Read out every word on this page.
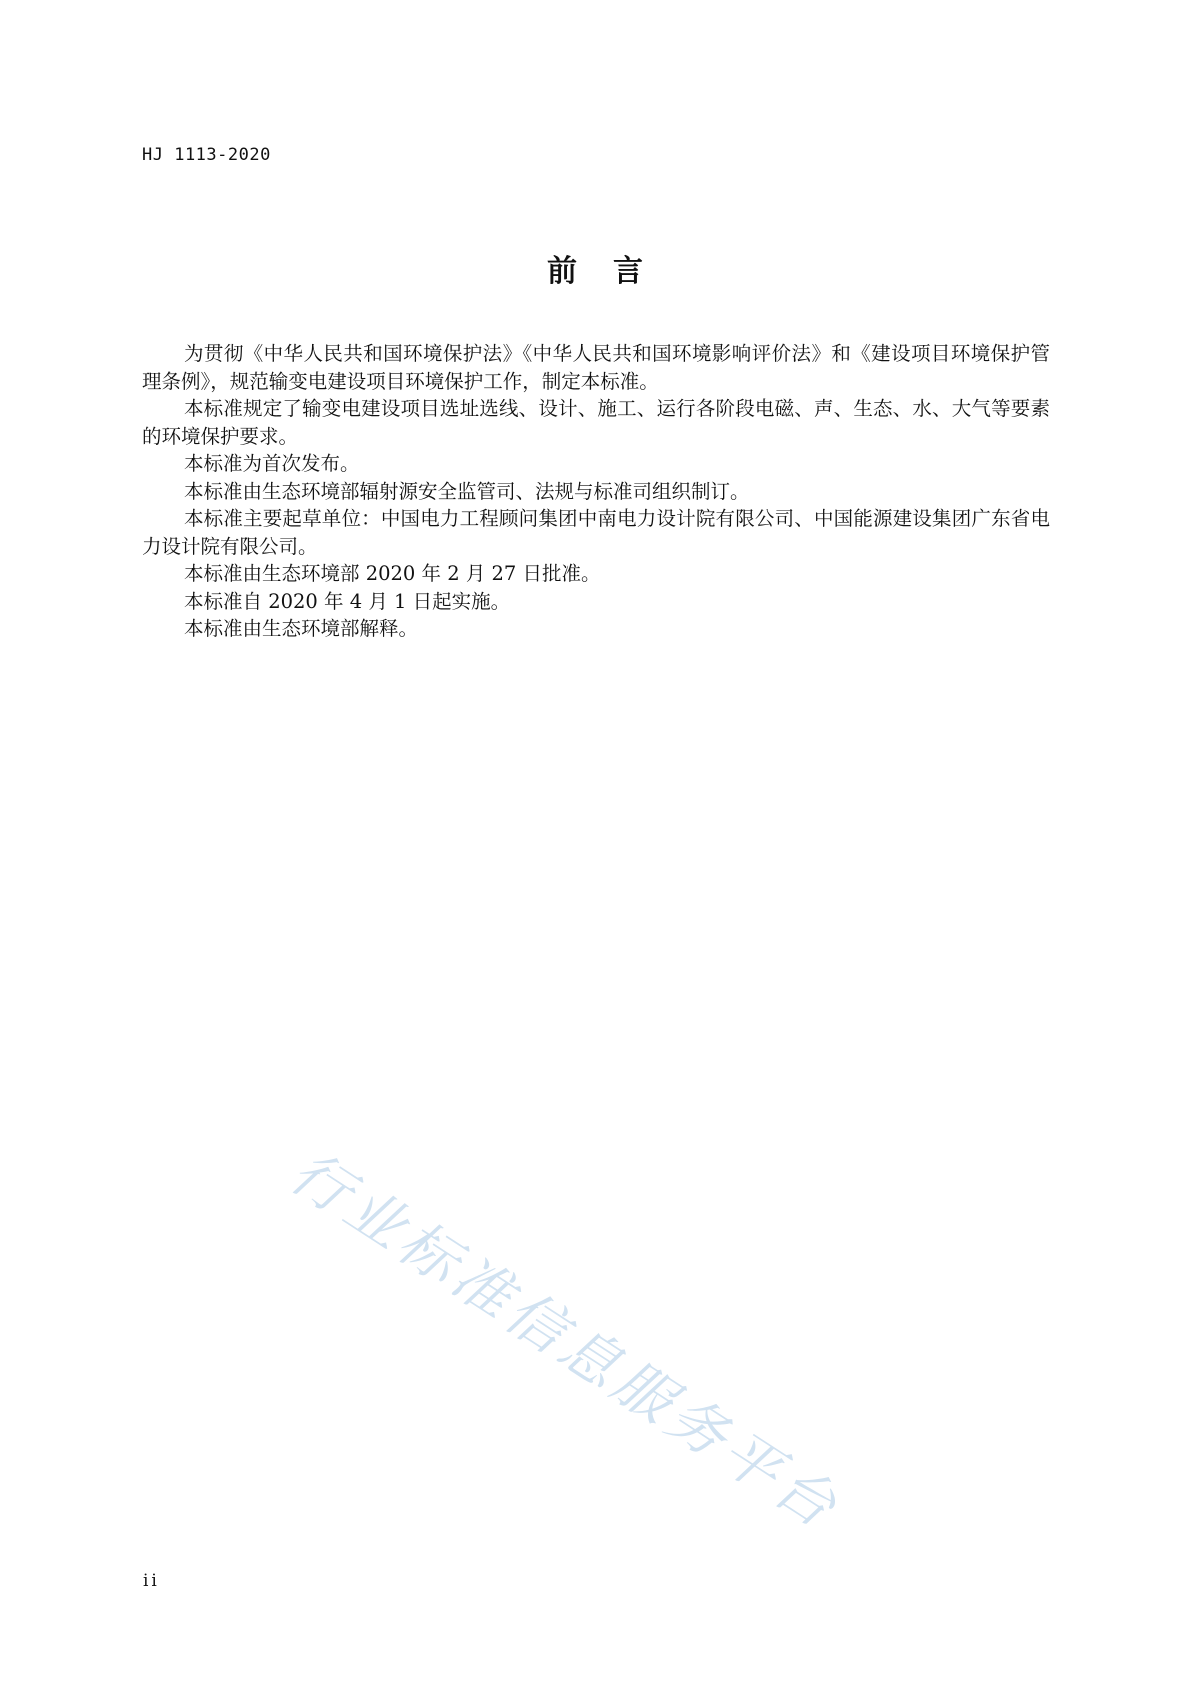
HJ 1113-2020
前 言

为贯彻《中华人民共和国环境保护法》《中华人民共和国环境影响评价法》和《建设项目环境保护管理条例》，规范输变电建设项目环境保护工作，制定本标准。

本标准规定了输变电建设项目选址选线、设计、施工、运行各阶段电磁、声、生态、水、大气等要素的环境保护要求。

本标准为首次发布。

本标准由生态环境部辐射源安全监管司、法规与标准司组织制订。

本标准主要起草单位：中国电力工程顾问集团中南电力设计院有限公司、中国能源建设集团广东省电力设计院有限公司。

本标准由生态环境部 2020 年 2 月 27 日批准。

本标准自 2020 年 4 月 1 日起实施。

本标准由生态环境部解释。

行业标准信息服务平台
ii
